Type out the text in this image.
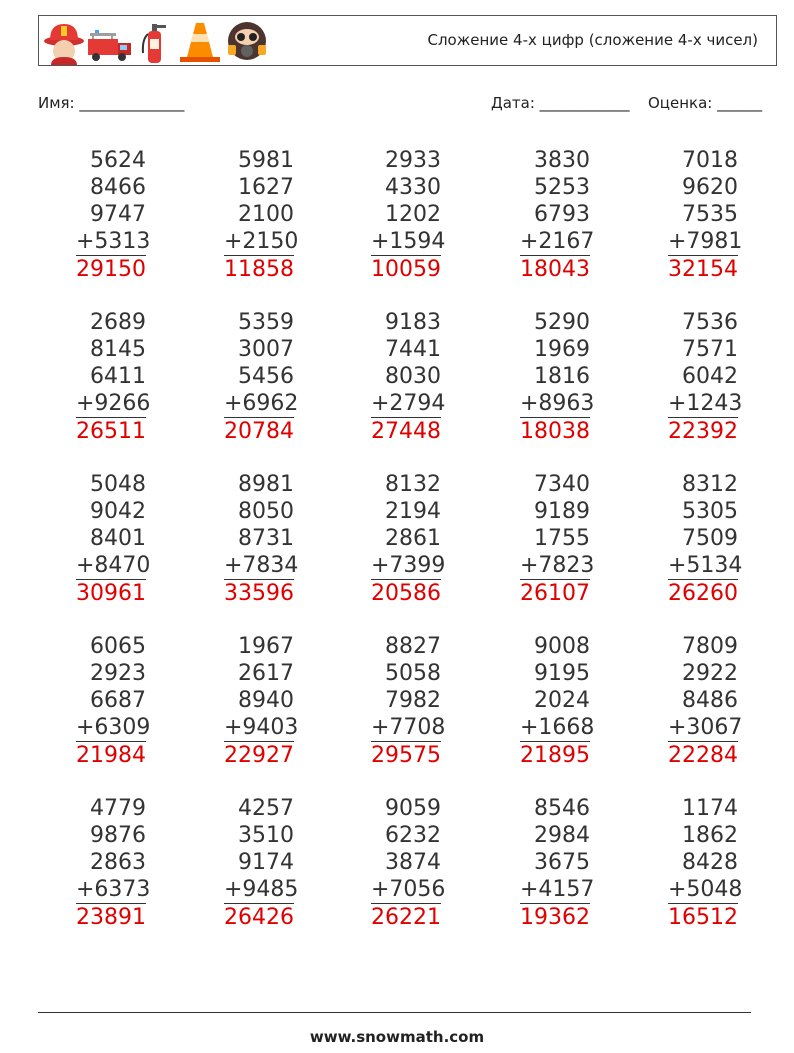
Сложение 4-х цифр (сложение 4-х чисел)
Имя: ______________	Дата: ____________ Оценка: ______
5624
8466
9747
+5313
29150
5981
1627
2100
+2150
11858
2933
4330
1202
+1594
10059
3830
5253
6793
+2167
18043
7018
9620
7535
+7981
32154
2689
8145
6411
+9266
26511
5359
3007
5456
+6962
20784
9183
7441
8030
+2794
27448
5290
1969
1816
+8963
18038
7536
7571
6042
+1243
22392
5048
9042
8401
+8470
30961
8981
8050
8731
+7834
33596
8132
2194
2861
+7399
20586
7340
9189
1755
+7823
26107
8312
5305
7509
+5134
26260
6065
2923
6687
+6309
21984
1967
2617
8940
+9403
22927
8827
5058
7982
+7708
29575
9008
9195
2024
+1668
21895
7809
2922
8486
+3067
22284
4779
9876
2863
+6373
23891
4257
3510
9174
+9485
26426
9059
6232
3874
+7056
26221
8546
2984
3675
+4157
19362
1174
1862
8428
+5048
16512
www.snowmath.com
